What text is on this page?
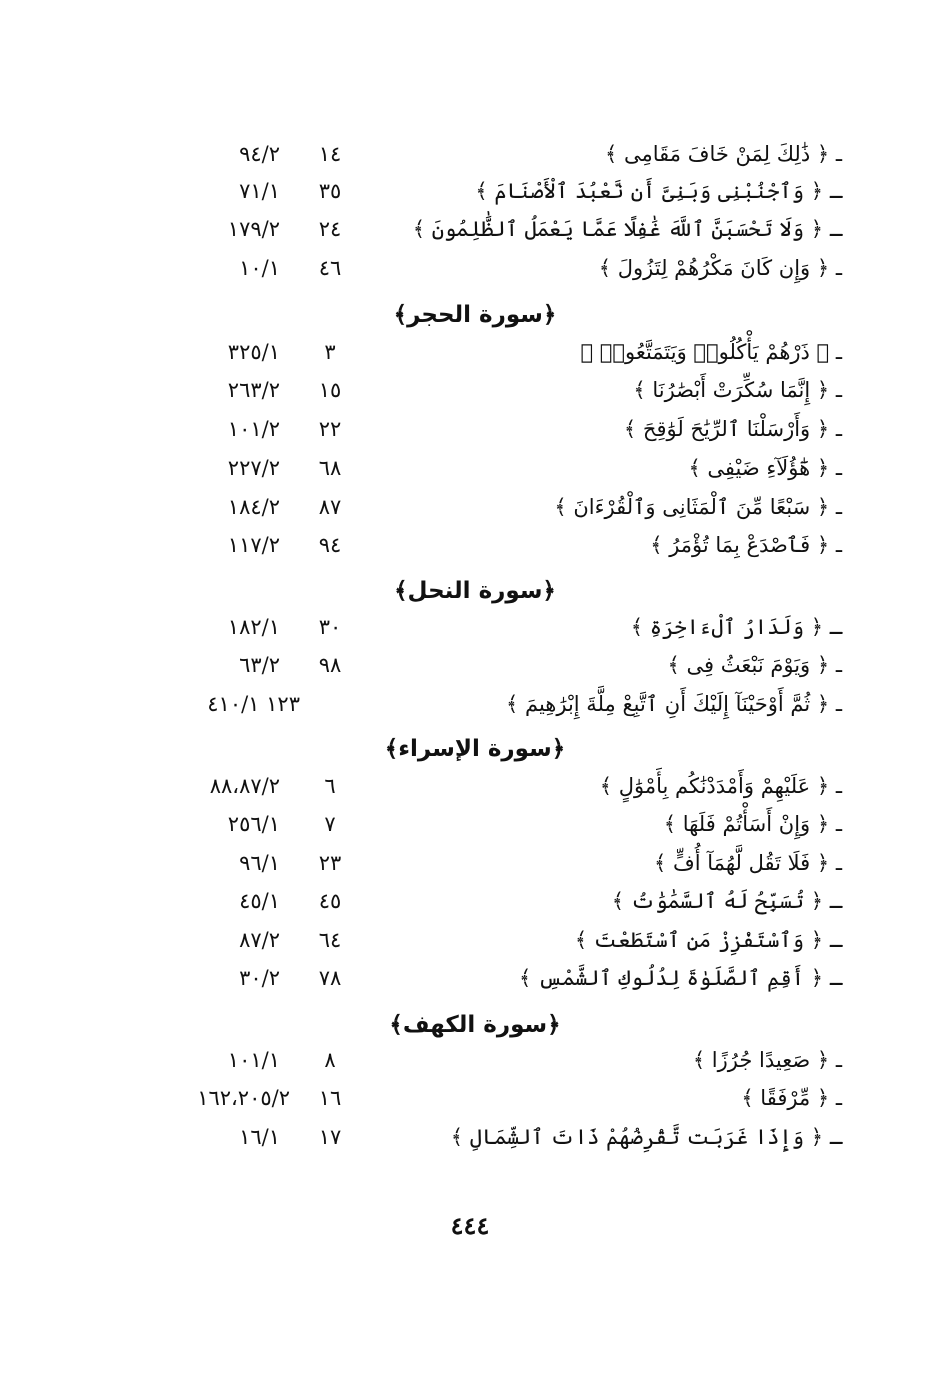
ـ ﴿ ذَٰلِكَ لِمَنْ خَافَ مَقَامِى ﴾
١٤
٩٤/٢
ـ ﴿ وَٱجْنُبْنِى وَبَنِىَّ أَن نَّعْبُدَ ٱلْأَصْنَامَ ﴾
٣٥
٧١/١
ـ ﴿ وَلَا تَحْسَبَنَّ ٱللَّهَ غَٰفِلًا عَمَّا يَعْمَلُ ٱلظَّٰلِمُونَ ﴾
٢٤
١٧٩/٢
ـ ﴿ وَإِن كَانَ مَكْرُهُمْ لِتَزُولَ ﴾
٤٦
١٠/١
﴿سورة الحجر﴾
ـ ﴿ ذَرْهُمْ يَأْكُلُوا۟ وَيَتَمَتَّعُوا۟ ﴾
٣
٣٢٥/١
ـ ﴿ إِنَّمَا سُكِّرَتْ أَبْصَٰرُنَا ﴾
١٥
٢٦٣/٢
ـ ﴿ وَأَرْسَلْنَا ٱلرِّيَٰحَ لَوَٰقِحَ ﴾
٢٢
١٠١/٢
ـ ﴿ هَٰٓؤُلَآءِ ضَيْفِى ﴾
٦٨
٢٢٧/٢
ـ ﴿ سَبْعًا مِّنَ ٱلْمَثَانِى وَٱلْقُرْءَانَ ﴾
٨٧
١٨٤/٢
ـ ﴿ فَٱصْدَعْ بِمَا تُؤْمَرُ ﴾
٩٤
١١٧/٢
﴿سورة النحل﴾
ـ ﴿ وَلَدَارُ ٱلْءَاخِرَةِ ﴾
٣٠
١٨٢/١
ـ ﴿ وَيَوْمَ نَبْعَثُ فِى ﴾
٩٨
٦٣/٢
ـ ﴿ ثُمَّ أَوْحَيْنَآ إِلَيْكَ أَنِ ٱتَّبِعْ مِلَّةَ إِبْرَٰهِيمَ ﴾
١٢٣ ٤١٠/١
﴿سورة الإسراء﴾
ـ ﴿ عَلَيْهِمْ وَأَمْدَدْنَٰكُم بِأَمْوَٰلٍ ﴾
٦
٨٨،٨٧/٢
ـ ﴿ وَإِنْ أَسَأْتُمْ فَلَهَا ﴾
٧
٢٥٦/١
ـ ﴿ فَلَا تَقُل لَّهُمَآ أُفٍّ ﴾
٢٣
٩٦/١
ـ ﴿ تُسَبِّحُ لَهُ ٱلسَّمَٰوَٰتُ ﴾
٤٥
٤٥/١
ـ ﴿ وَٱسْتَفْزِزْ مَنِ ٱسْتَطَعْتَ ﴾
٦٤
٨٧/٢
ـ ﴿ أَقِمِ ٱلصَّلَوٰةَ لِدُلُوكِ ٱلشَّمْسِ ﴾
٧٨
٣٠/٢
﴿سورة الكهف﴾
ـ ﴿ صَعِيدًا جُرُزًا ﴾
٨
١٠١/١
ـ ﴿ مِّرْفَقًا ﴾
١٦
١٦٢،٢٠٥/٢
ـ ﴿ وَإِذَا غَرَبَت تَّقْرِضُهُمْ ذَاتَ ٱلشِّمَالِ ﴾
١٧
١٦/١
٤٤٤
